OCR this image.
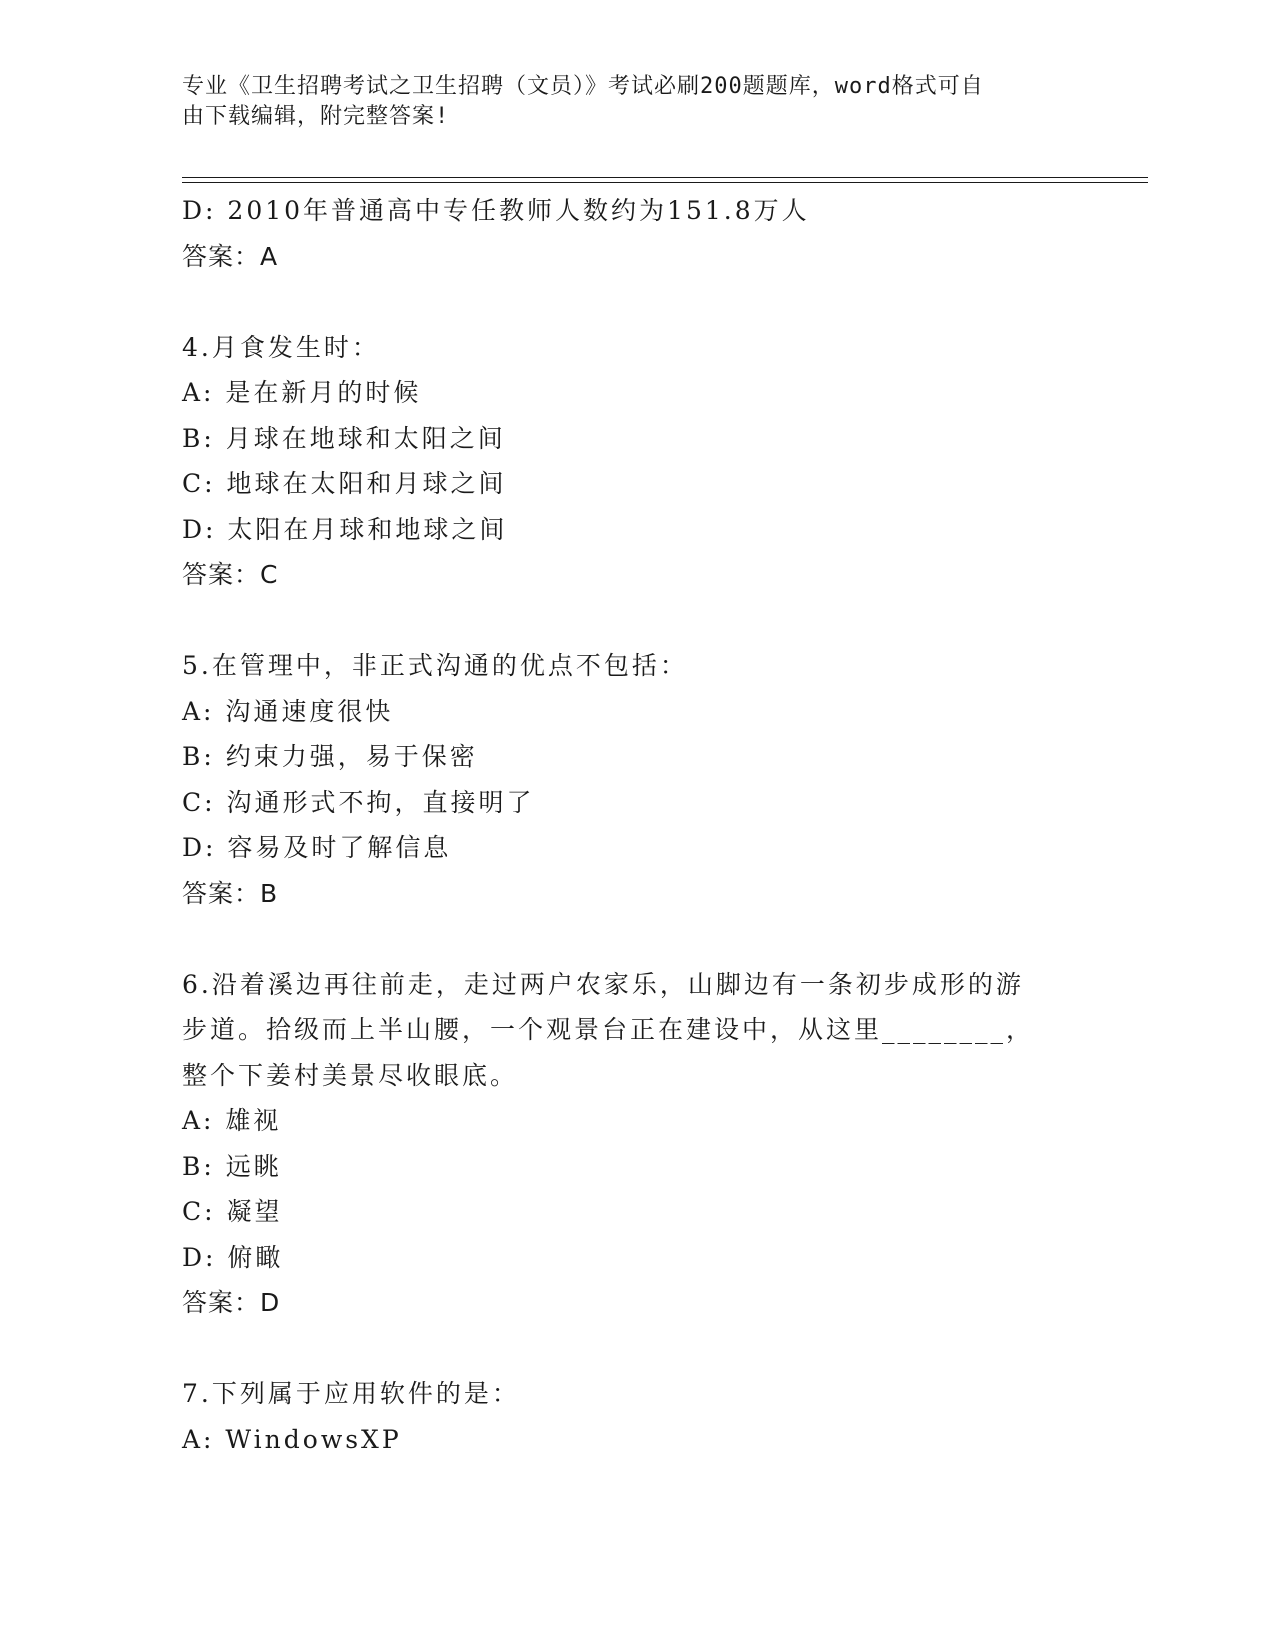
专业《卫生招聘考试之卫生招聘（文员）》考试必刷200题题库，word格式可自
由下载编辑，附完整答案!
D: 2010年普通高中专任教师人数约为151.8万人
答案：A
4.月食发生时：
A: 是在新月的时候
B: 月球在地球和太阳之间
C: 地球在太阳和月球之间
D: 太阳在月球和地球之间
答案：C
5.在管理中，非正式沟通的优点不包括：
A: 沟通速度很快
B: 约束力强，易于保密
C: 沟通形式不拘，直接明了
D: 容易及时了解信息
答案：B
6.沿着溪边再往前走，走过两户农家乐，山脚边有一条初步成形的游
步道。拾级而上半山腰，一个观景台正在建设中，从这里________，
整个下姜村美景尽收眼底。
A: 雄视
B: 远眺
C: 凝望
D: 俯瞰
答案：D
7.下列属于应用软件的是：
A: WindowsXP
